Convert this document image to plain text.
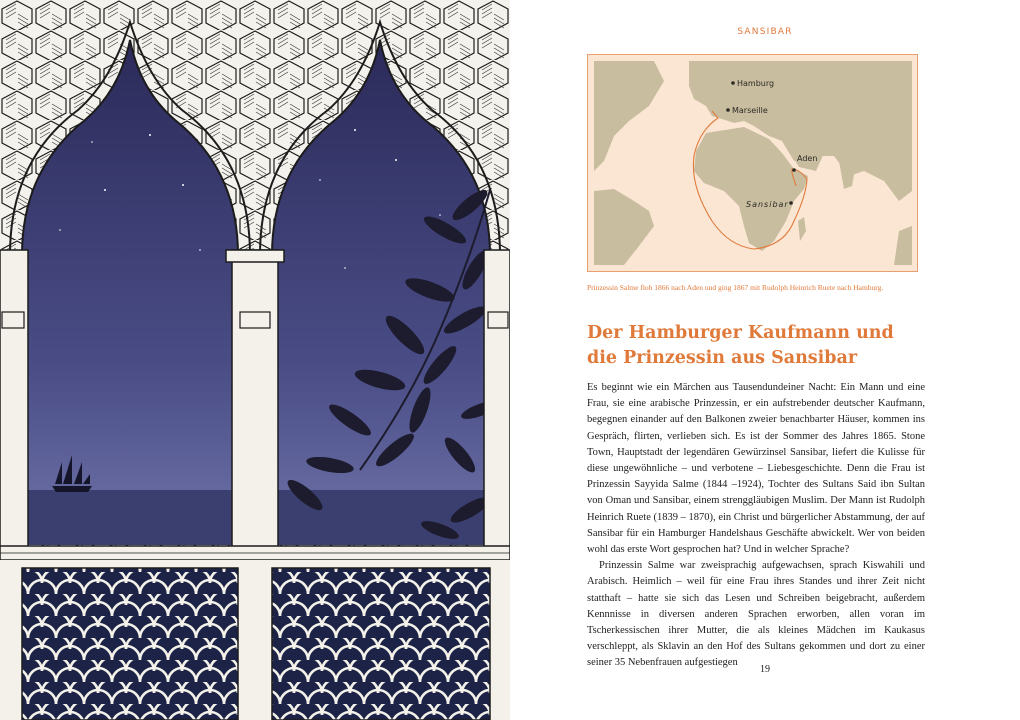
SANSIBAR
Hamburg
Marseille
Aden
Sansibar
Prinzessin Salme floh 1866 nach Aden und ging 1867 mit Rudolph Heinrich Ruete nach Hamburg.
Der Hamburger Kaufmann und die Prinzessin aus Sansibar

Es beginnt wie ein Märchen aus Tausendundeiner Nacht: Ein Mann und eine Frau, sie eine arabische Prinzessin, er ein aufstrebender deutscher Kaufmann, begegnen einander auf den Balkonen zweier benachbarter Häuser, kommen ins Gespräch, flirten, verlieben sich. Es ist der Sommer des Jahres 1865. Stone Town, Hauptstadt der legendären Gewürzinsel Sansibar, liefert die Kulisse für diese ungewöhnliche – und verbotene – Liebesgeschichte. Denn die Frau ist Prinzessin Sayyida Salme (1844 –1924), Tochter des Sultans Said ibn Sultan von Oman und Sansibar, einem strenggläubigen Muslim. Der Mann ist Rudolph Heinrich Ruete (1839 – 1870), ein Christ und bürgerlicher Abstammung, der auf Sansibar für ein Hamburger Handelshaus Geschäfte abwickelt. Wer von beiden wohl das erste Wort gesprochen hat? Und in welcher Sprache?

Prinzessin Salme war zweisprachig aufgewachsen, sprach Kiswahili und Arabisch. Heimlich – weil für eine Frau ihres Standes und ihrer Zeit nicht statthaft – hatte sie sich das Lesen und Schreiben beigebracht, außerdem Kennnisse in diversen anderen Sprachen erworben, allen voran im Tscherkessischen ihrer Mutter, die als kleines Mädchen im Kaukasus verschleppt, als Sklavin an den Hof des Sultans gekommen und dort zu einer seiner 35 Nebenfrauen aufgestiegen

19
